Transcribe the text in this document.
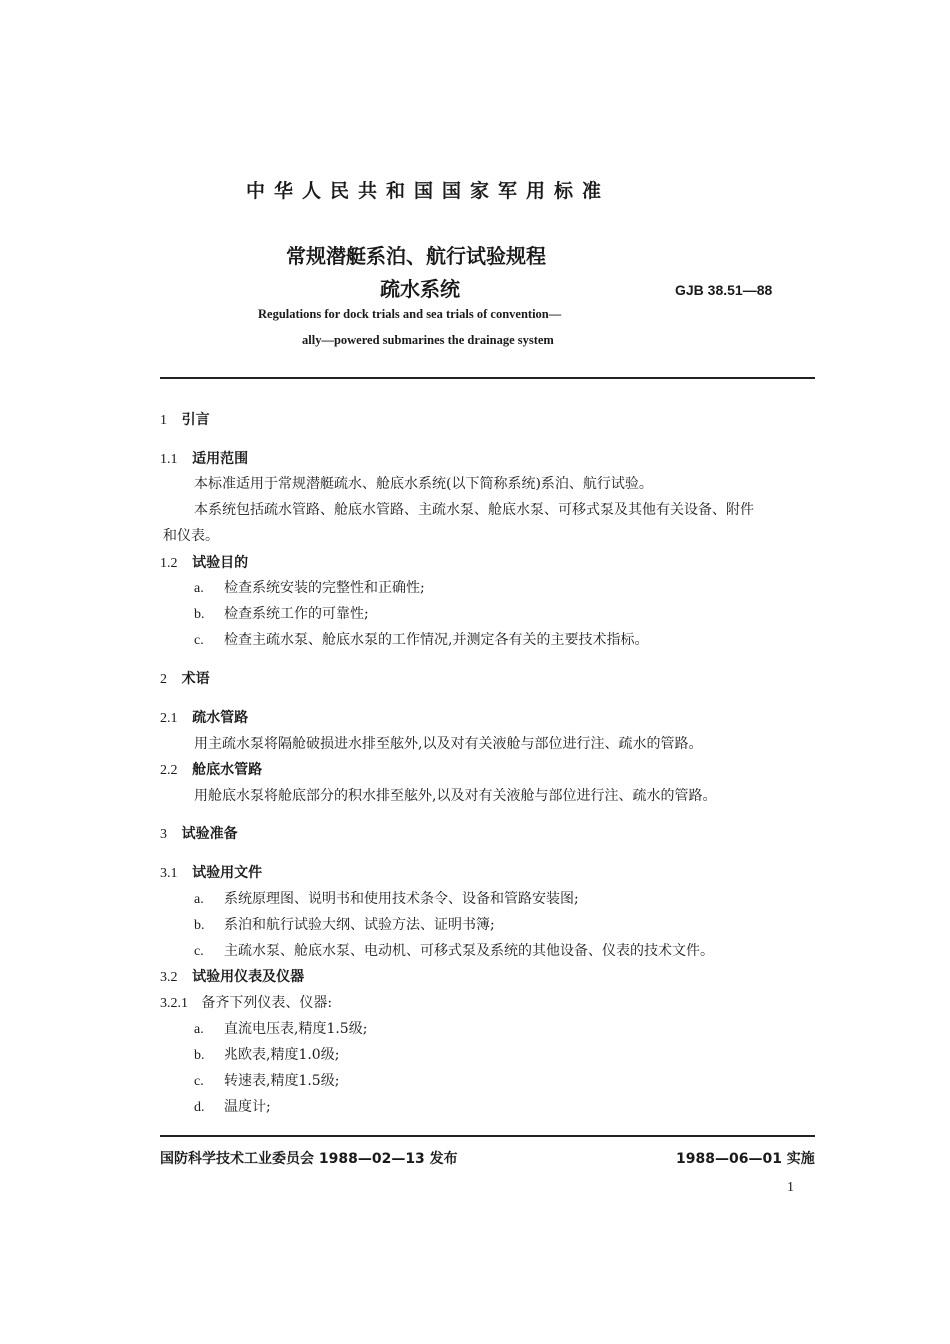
中华人民共和国国家军用标准
常规潜艇系泊、航行试验规程
疏水系统	GJB 38.51—88
Regulations for dock trials and sea trials of convention—
ally—powered submarines the drainage system
1 引言
1.1 适用范围
本标准适用于常规潜艇疏水、舱底水系统(以下简称系统)系泊、航行试验。
本系统包括疏水管路、舱底水管路、主疏水泵、舱底水泵、可移式泵及其他有关设备、附件
和仪表。
1.2 试验目的
a. 检查系统安装的完整性和正确性;
b. 检查系统工作的可靠性;
c. 检查主疏水泵、舱底水泵的工作情况,并测定各有关的主要技术指标。
2 术语
2.1 疏水管路
用主疏水泵将隔舱破损进水排至舷外,以及对有关液舱与部位进行注、疏水的管路。
2.2 舱底水管路
用舱底水泵将舱底部分的积水排至舷外,以及对有关液舱与部位进行注、疏水的管路。
3 试验准备
3.1 试验用文件
a. 系统原理图、说明书和使用技术条令、设备和管路安装图;
b. 系泊和航行试验大纲、试验方法、证明书簿;
c. 主疏水泵、舱底水泵、电动机、可移式泵及系统的其他设备、仪表的技术文件。
3.2 试验用仪表及仪器
3.2.1 备齐下列仪表、仪器:
a. 直流电压表,精度1.5级;
b. 兆欧表,精度1.0级;
c. 转速表,精度1.5级;
d. 温度计;
国防科学技术工业委员会 1988—02—13 发布	1988—06—01 实施
1
